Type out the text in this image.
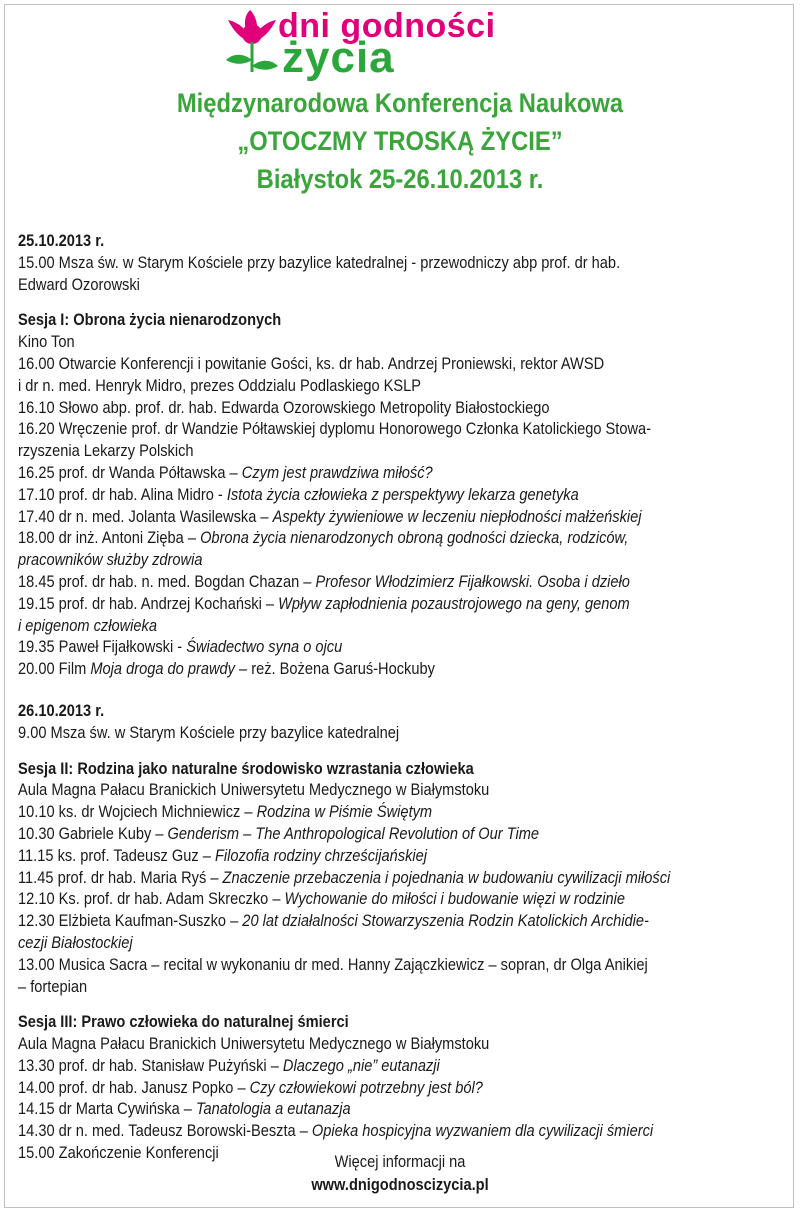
dni godności
życia
Międzynarodowa Konferencja Naukowa
„OTOCZMY TROSKĄ ŻYCIE”
Białystok 25-26.10.2013 r.
25.10.2013 r.
15.00 Msza św. w Starym Kościele przy bazylice katedralnej - przewodniczy abp prof. dr hab.
Edward Ozorowski
Sesja I: Obrona życia nienarodzonych
Kino Ton
16.00 Otwarcie Konferencji i powitanie Gości, ks. dr hab. Andrzej Proniewski, rektor AWSD
i dr n. med. Henryk Midro, prezes Oddzialu Podlaskiego KSLP
16.10 Słowo abp. prof. dr. hab. Edwarda Ozorowskiego Metropolity Białostockiego
16.20 Wręczenie prof. dr Wandzie Półtawskiej dyplomu Honorowego Członka Katolickiego Stowa-
rzyszenia Lekarzy Polskich
16.25 prof. dr Wanda Półtawska – Czym jest prawdziwa miłość?
17.10 prof. dr hab. Alina Midro - Istota życia człowieka z perspektywy lekarza genetyka
17.40 dr n. med. Jolanta Wasilewska – Aspekty żywieniowe w leczeniu niepłodności małżeńskiej
18.00 dr inż. Antoni Zięba – Obrona życia nienarodzonych obroną godności dziecka, rodziców,
pracowników służby zdrowia
18.45 prof. dr hab. n. med. Bogdan Chazan – Profesor Włodzimierz Fijałkowski. Osoba i dzieło
19.15 prof. dr hab. Andrzej Kochański – Wpływ zapłodnienia pozaustrojowego na geny, genom
i epigenom człowieka
19.35 Paweł Fijałkowski - Świadectwo syna o ojcu
20.00 Film Moja droga do prawdy – reż. Bożena Garuś-Hockuby
26.10.2013 r.
9.00 Msza św. w Starym Kościele przy bazylice katedralnej
Sesja II: Rodzina jako naturalne środowisko wzrastania człowieka
Aula Magna Pałacu Branickich Uniwersytetu Medycznego w Białymstoku
10.10 ks. dr Wojciech Michniewicz – Rodzina w Piśmie Świętym
10.30 Gabriele Kuby – Genderism – The Anthropological Revolution of Our Time
11.15 ks. prof. Tadeusz Guz – Filozofia rodziny chrześcijańskiej
11.45 prof. dr hab. Maria Ryś – Znaczenie przebaczenia i pojednania w budowaniu cywilizacji miłości
12.10 Ks. prof. dr hab. Adam Skreczko – Wychowanie do miłości i budowanie więzi w rodzinie
12.30 Elżbieta Kaufman-Suszko – 20 lat działalności Stowarzyszenia Rodzin Katolickich Archidie-
cezji Białostockiej
13.00 Musica Sacra – recital w wykonaniu dr med. Hanny Zajączkiewicz – sopran, dr Olga Anikiej
– fortepian
Sesja III: Prawo człowieka do naturalnej śmierci
Aula Magna Pałacu Branickich Uniwersytetu Medycznego w Białymstoku
13.30 prof. dr hab. Stanisław Pużyński – Dlaczego „nie” eutanazji
14.00 prof. dr hab. Janusz Popko – Czy człowiekowi potrzebny jest ból?
14.15 dr Marta Cywińska – Tanatologia a eutanazja
14.30 dr n. med. Tadeusz Borowski-Beszta – Opieka hospicyjna wyzwaniem dla cywilizacji śmierci
15.00 Zakończenie Konferencji	Więcej informacji na
www.dnigodnoscizycia.pl
